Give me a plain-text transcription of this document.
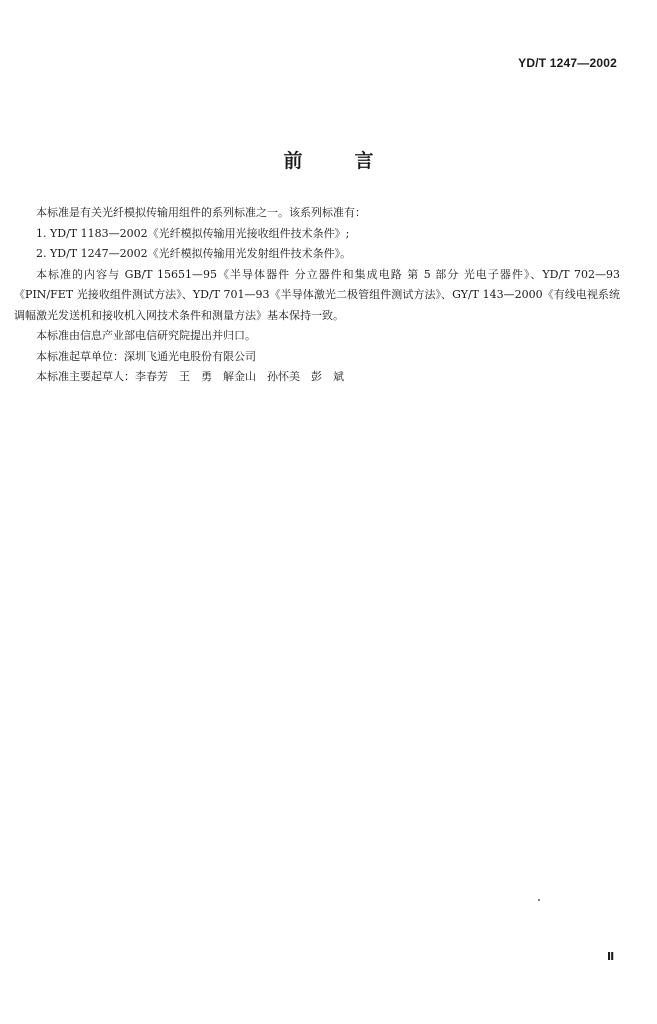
YD/T 1247—2002
前言

本标准是有关光纤模拟传输用组件的系列标准之一。该系列标准有：

1. YD/T 1183—2002《光纤模拟传输用光接收组件技术条件》;

2. YD/T 1247—2002《光纤模拟传输用光发射组件技术条件》。

本标准的内容与 GB/T 15651—95《半导体器件 分立器件和集成电路 第 5 部分 光电子器件》、YD/T 702—93《PIN/FET 光接收组件测试方法》、YD/T 701—93《半导体激光二极管组件测试方法》、GY/T 143—2000《有线电视系统调幅激光发送机和接收机入网技术条件和测量方法》基本保持一致。

本标准由信息产业部电信研究院提出并归口。

本标准起草单位：深圳飞通光电股份有限公司

本标准主要起草人：李春芳　王　勇　解金山　孙怀美　彭　斌

Ⅱ
